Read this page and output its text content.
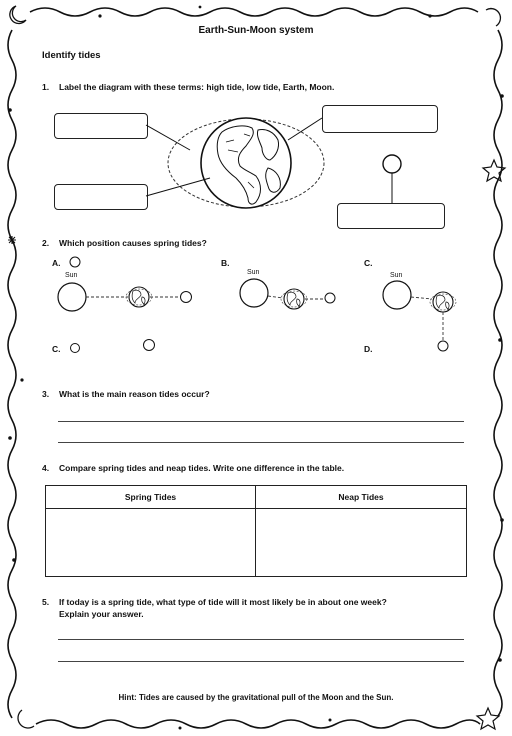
Earth-Sun-Moon system
Identify tides
1. Label the diagram with these terms: high tide, low tide, Earth, Moon.
2. Which position causes spring tides?
A.
Sun
B.
Sun
C.
Sun
C.	D.
3. What is the main reason tides occur?
4. Compare spring tides and neap tides. Write one difference in the table.
Spring Tides	Neap Tides
5. If today is a spring tide, what type of tide will it most likely be in about one week?
Explain your answer.
Hint: Tides are caused by the gravitational pull of the Moon and the Sun.
